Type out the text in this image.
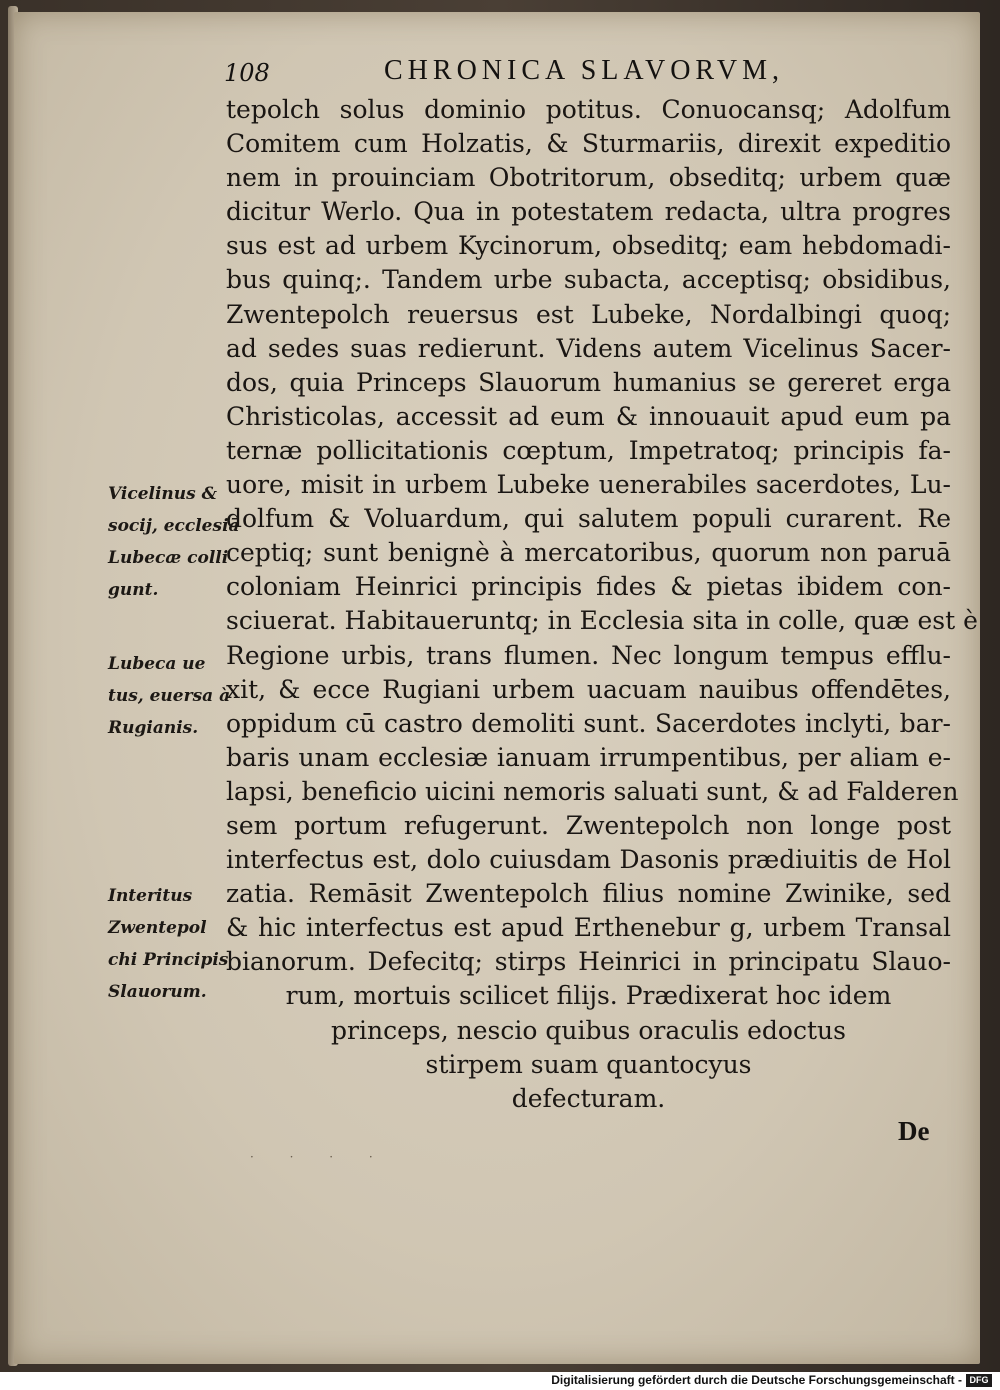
108	CHRONICA SLAVORVM,
tepolch solus dominio potitus. Conuocansq; Adolfum
Comitem cum Holzatis, & Sturmariis, direxit expeditio
nem in prouinciam Obotritorum, obseditq; urbem quæ
dicitur Werlo. Qua in potestatem redacta, ultra progres
sus est ad urbem Kycinorum, obseditq; eam hebdomadi-
bus quinq;. Tandem urbe subacta, acceptisq; obsidibus,
Zwentepolch reuersus est Lubeke, Nordalbingi quoq;
ad sedes suas redierunt. Videns autem Vicelinus Sacer-
dos, quia Princeps Slauorum humanius se gereret erga
Christicolas, accessit ad eum & innouauit apud eum pa
ternæ pollicitationis cœptum, Impetratoq; principis fa-
uore, misit in urbem Lubeke uenerabiles sacerdotes, Lu-
dolfum & Voluardum, qui salutem populi curarent. Re
ceptiq; sunt benignè à mercatoribus, quorum non paruā
coloniam Heinrici principis fides & pietas ibidem con-
sciuerat. Habitaueruntq; in Ecclesia sita in colle, quæ est è
Regione urbis, trans flumen. Nec longum tempus efflu-
xit, & ecce Rugiani urbem uacuam nauibus offendētes,
oppidum cū castro demoliti sunt. Sacerdotes inclyti, bar-
baris unam ecclesiæ ianuam irrumpentibus, per aliam e-
lapsi, beneficio uicini nemoris saluati sunt, & ad Falderen
sem portum refugerunt. Zwentepolch non longe post
interfectus est, dolo cuiusdam Dasonis prædiuitis de Hol
zatia. Remāsit Zwentepolch filius nomine Zwinike, sed
& hic interfectus est apud Erthenebur g, urbem Transal
bianorum. Defecitq; stirps Heinrici in principatu Slauo-
rum, mortuis scilicet filijs. Prædixerat hoc idem
princeps, nescio quibus oraculis edoctus
stirpem suam quantocyus
defecturam.
Vicelinus &
socij, ecclesiā
Lubecæ colli
gunt.
Lubeca ue
tus, euersa à
Rugianis.
Interitus
Zwentepol
chi Principis
Slauorum.
De
· · · ·
Digitalisierung gefördert durch die Deutsche Forschungsgemeinschaft - DFG
